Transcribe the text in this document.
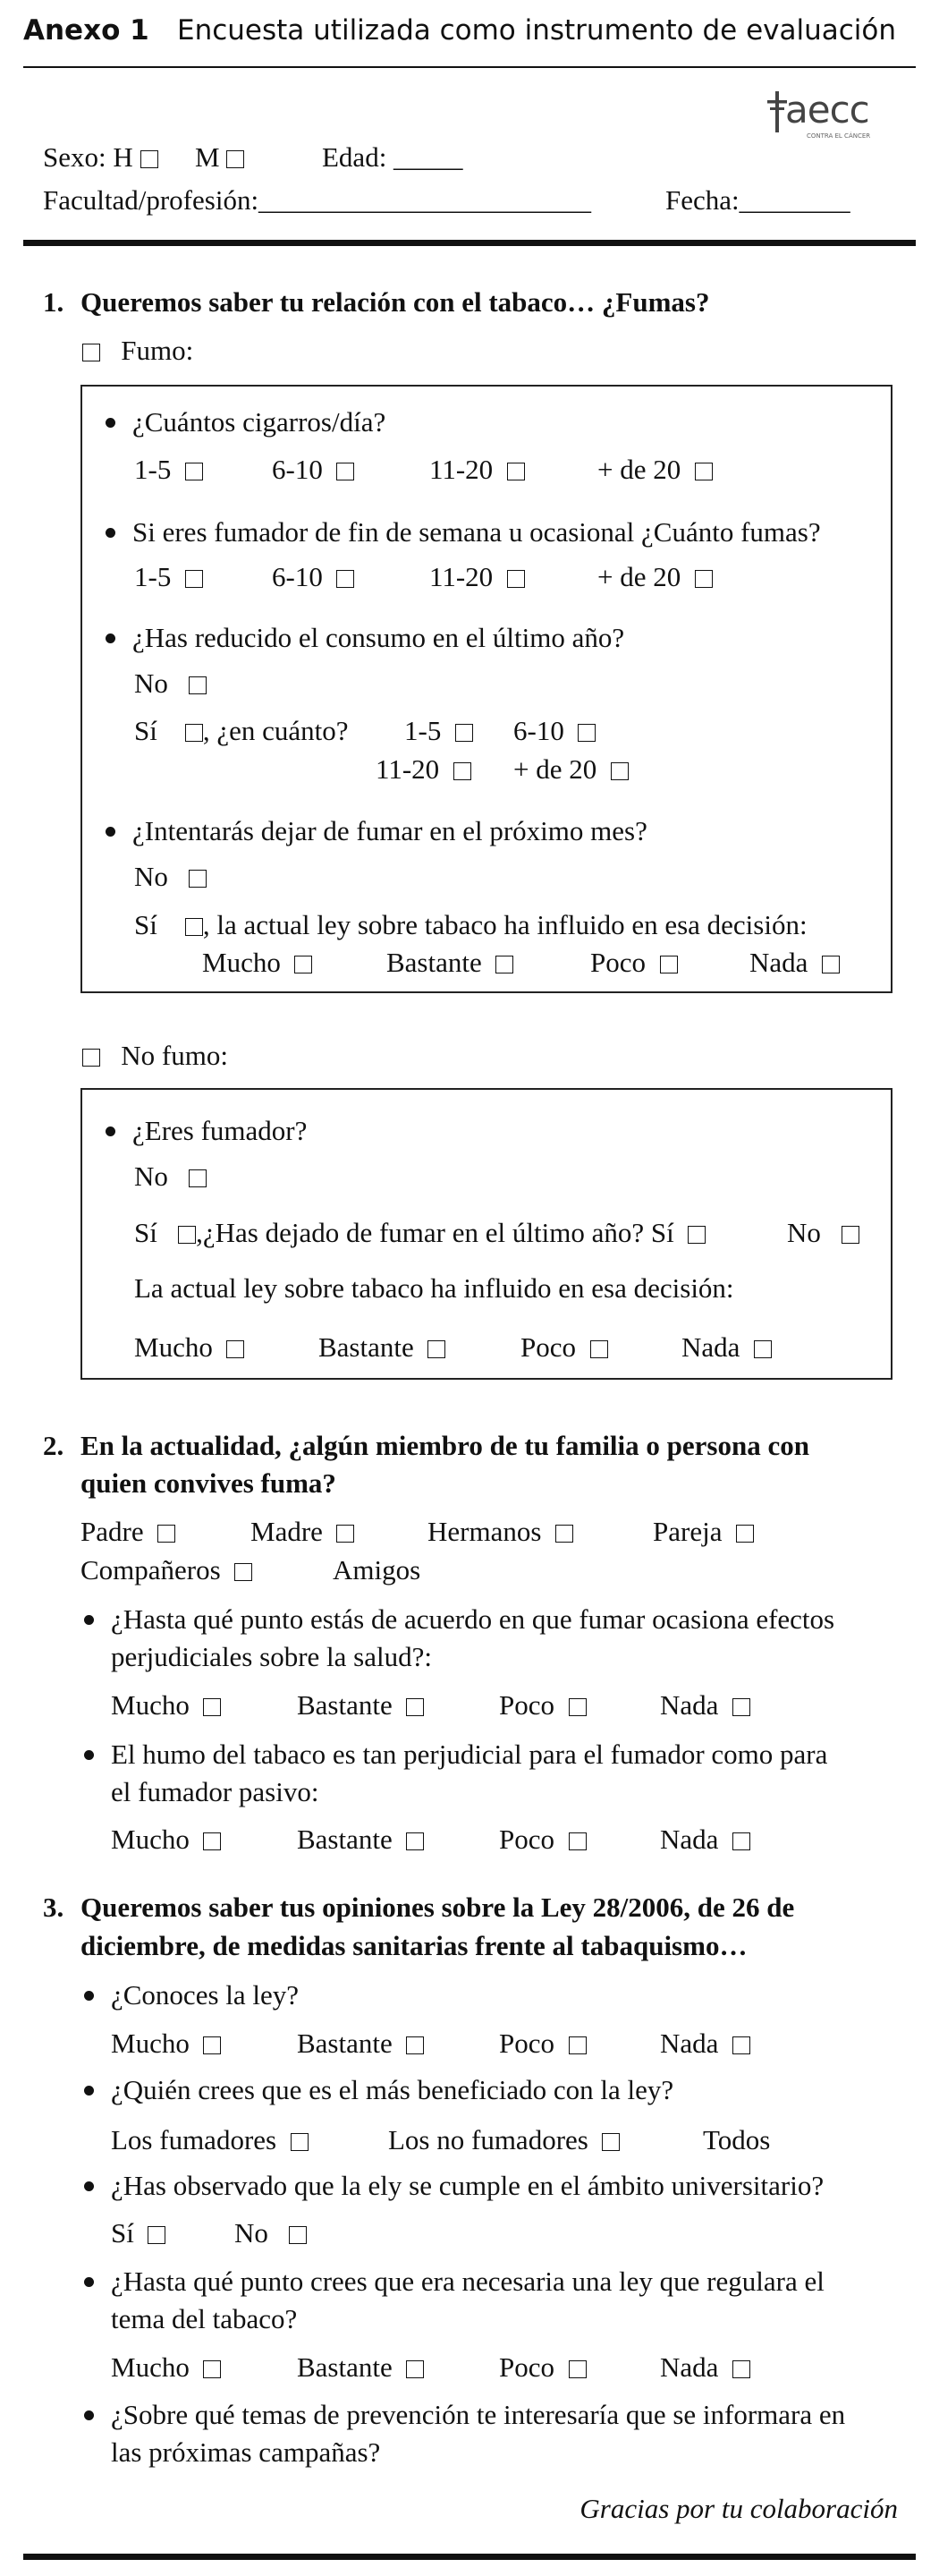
Anexo 1 Encuesta utilizada como instrumento de evaluación
aecc
CONTRA EL CÁNCER
Sexo: H	M	Edad: _____
Facultad/profesión:________________________	Fecha:________
1. Queremos saber tu relación con el tabaco… ¿Fumas?
Fumo:
¿Cuántos cigarros/día?
1-5	6-10	11-20	+ de 20
Si eres fumador de fin de semana u ocasional ¿Cuánto fumas?
1-5	6-10	11-20	+ de 20
¿Has reducido el consumo en el último año?
No
Sí , ¿en cuánto? 1-5	6-10
11-20	+ de 20
¿Intentarás dejar de fumar en el próximo mes?
No
Sí , la actual ley sobre tabaco ha influido en esa decisión:
Mucho	Bastante	Poco	Nada
No fumo:
¿Eres fumador?
No
Sí ,¿Has dejado de fumar en el último año? Sí	No
La actual ley sobre tabaco ha influido en esa decisión:
Mucho	Bastante	Poco	Nada
2. En la actualidad, ¿algún miembro de tu familia o persona con
quien convives fuma?
Padre	Madre	Hermanos	Pareja
Compañeros	Amigos
¿Hasta qué punto estás de acuerdo en que fumar ocasiona efectos
perjudiciales sobre la salud?:
Mucho	Bastante	Poco	Nada
El humo del tabaco es tan perjudicial para el fumador como para
el fumador pasivo:
Mucho	Bastante	Poco	Nada
3. Queremos saber tus opiniones sobre la Ley 28/2006, de 26 de
diciembre, de medidas sanitarias frente al tabaquismo…
¿Conoces la ley?
Mucho	Bastante	Poco	Nada
¿Quién crees que es el más beneficiado con la ley?
Los fumadores	Los no fumadores	Todos
¿Has observado que la ely se cumple en el ámbito universitario?
Sí	No
¿Hasta qué punto crees que era necesaria una ley que regulara el
tema del tabaco?
Mucho	Bastante	Poco	Nada
¿Sobre qué temas de prevención te interesaría que se informara en
las próximas campañas?
Gracias por tu colaboración
